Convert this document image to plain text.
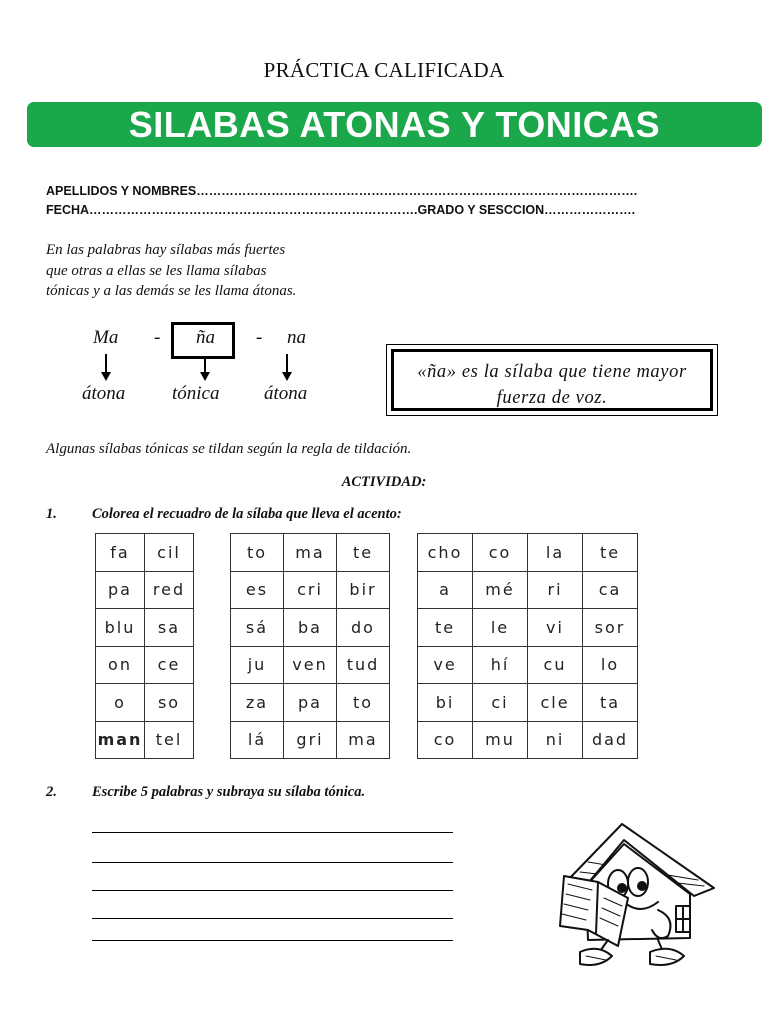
PRÁCTICA CALIFICADA
SILABAS ATONAS Y TONICAS
APELLIDOS Y NOMBRES…………………………………………………………………………………………….
FECHA…………………………………………………………………….GRADO Y SESCCION………………….
En las palabras hay sílabas más fuertes
que otras a ellas se les llama sílabas
tónicas y a las demás se les llama átonas.
Ma - ña - na
átona tónica átona
«ña» es la sílaba que tiene mayor
fuerza de voz.
Algunas sílabas tónicas se tildan según la regla de tildación.
ACTIVIDAD:
1. Colorea el recuadro de la sílaba que lleva el acento:
fa	cil
pa	red
blu	sa
on	ce
o	so
man	tel
to	ma	te
es	cri	bir
sá	ba	do
ju	ven	tud
za	pa	to
lá	gri	ma
cho	co	la	te
a	mé	ri	ca
te	le	vi	sor
ve	hí	cu	lo
bi	ci	cle	ta
co	mu	ni	dad
2. Escribe 5 palabras y subraya su sílaba tónica.
